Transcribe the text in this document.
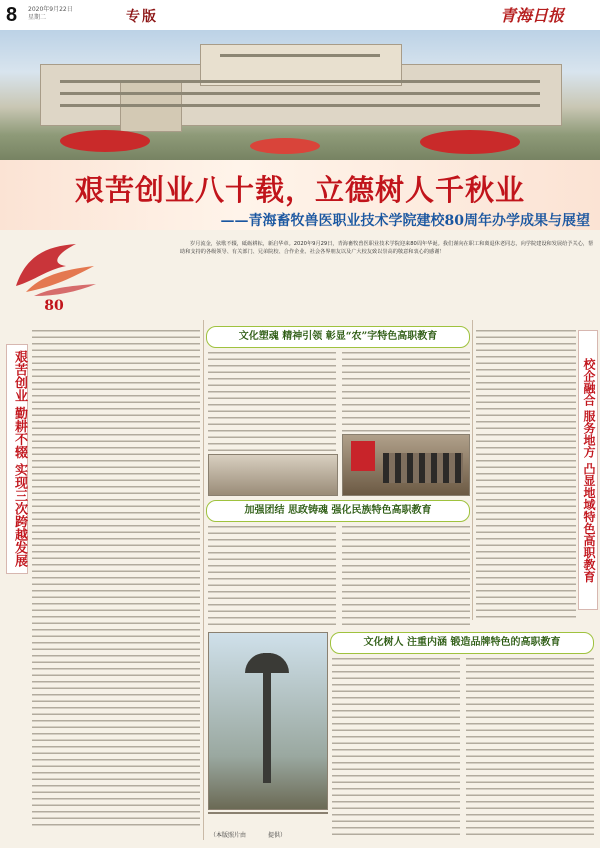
8 2020年9月22日
星期二	专版	青海日报
艰苦创业八十载，立德树人千秋业
——青海畜牧兽医职业技术学院建校80周年办学成果与展望
80
岁月流金，弦歌不辍，砥砺耕耘，新启华章。2020年9月29日，青海畜牧兽医职业技术学院迎来80周年华诞。我们谨向在职工和离退休老同志，向学院建设和发展给予关心，帮助和支持的各级领导、有关部门、兄弟院校、合作企业、社会各界朋友以及广大校友致以崇高的敬意和衷心的感谢！
艰苦创业 勤耕不辍 实现三次跨越发展
文化塑魂 精神引领 彰显“农”字特色高职教育
加强团结 思政铸魂 强化民族特色高职教育	校企融合 服务地方 凸显地域特色高职教育
文化树人 注重内涵 锻造品牌特色的高职教育
（本版照片由	提供）
